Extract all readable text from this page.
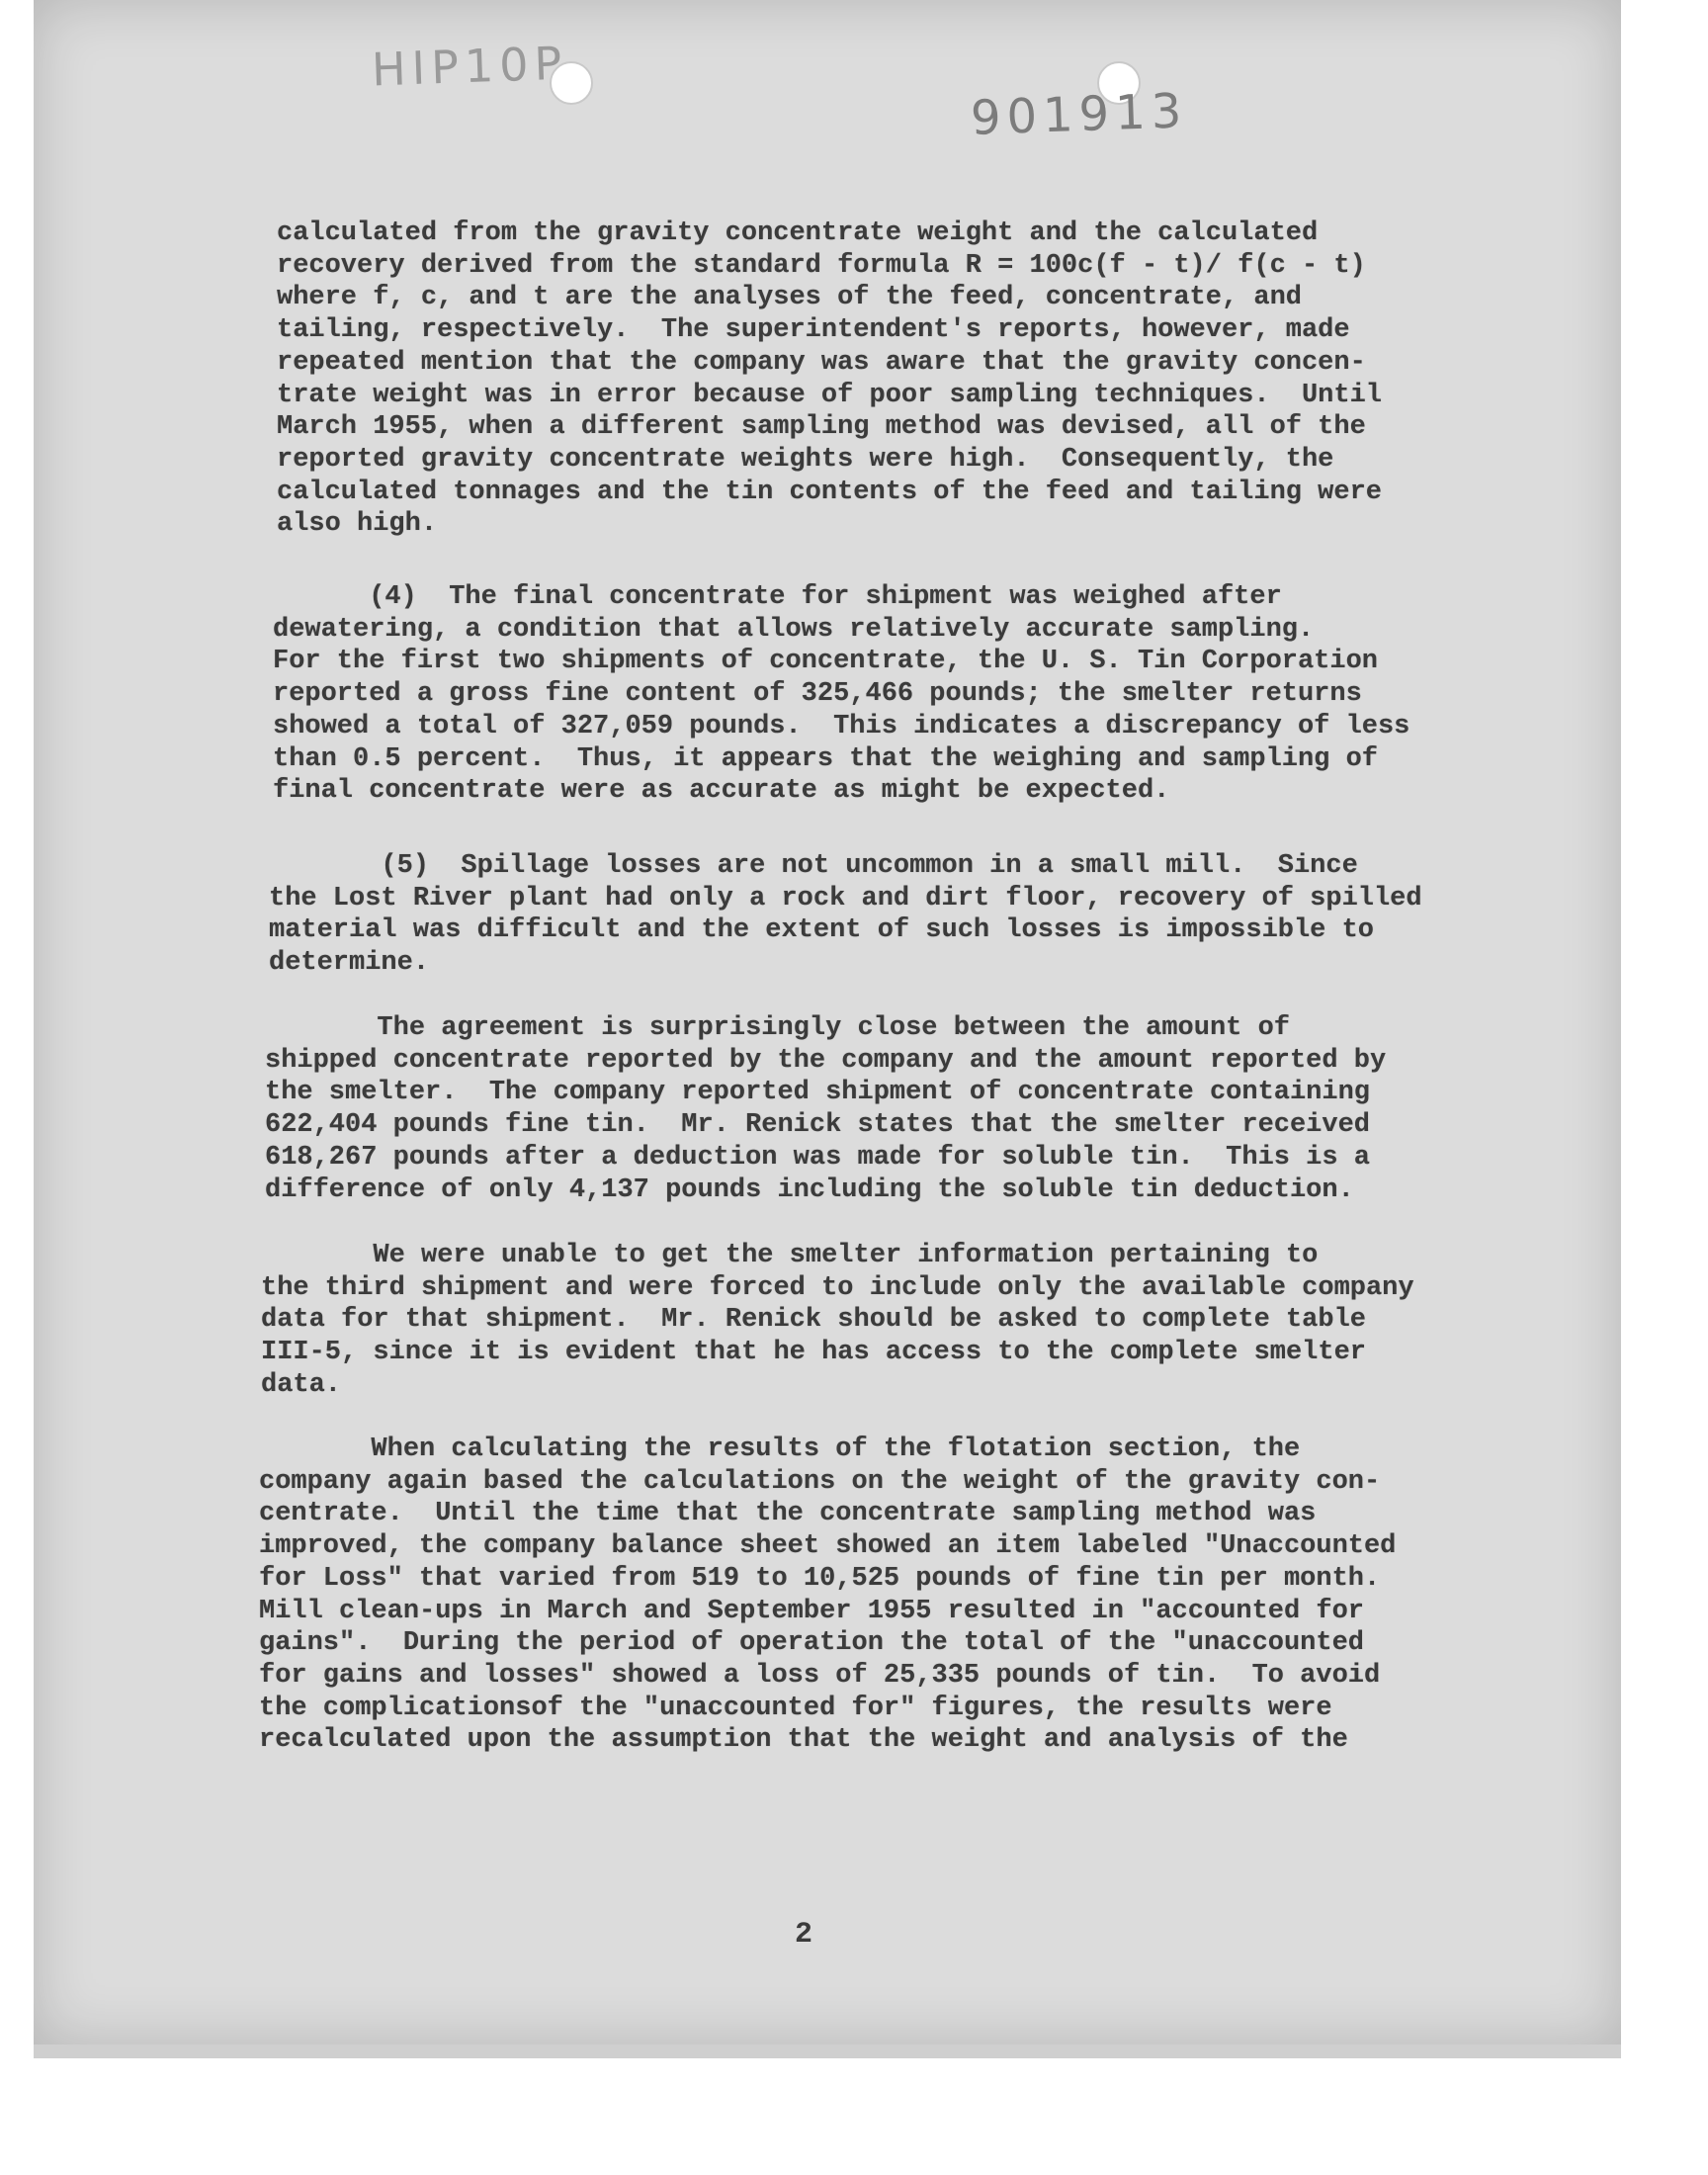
HIP10P
901913

calculated from the gravity concentrate weight and the calculated
recovery derived from the standard formula R = 100c(f - t)/ f(c - t)
where f, c, and t are the analyses of the feed, concentrate, and
tailing, respectively.  The superintendent's reports, however, made
repeated mention that the company was aware that the gravity concen-
trate weight was in error because of poor sampling techniques.  Until
March 1955, when a different sampling method was devised, all of the
reported gravity concentrate weights were high.  Consequently, the
calculated tonnages and the tin contents of the feed and tailing were
also high.

(4)  The final concentrate for shipment was weighed after
dewatering, a condition that allows relatively accurate sampling.
For the first two shipments of concentrate, the U. S. Tin Corporation
reported a gross fine content of 325,466 pounds; the smelter returns
showed a total of 327,059 pounds.  This indicates a discrepancy of less
than 0.5 percent.  Thus, it appears that the weighing and sampling of
final concentrate were as accurate as might be expected.

(5)  Spillage losses are not uncommon in a small mill.  Since
the Lost River plant had only a rock and dirt floor, recovery of spilled
material was difficult and the extent of such losses is impossible to
determine.

The agreement is surprisingly close between the amount of
shipped concentrate reported by the company and the amount reported by
the smelter.  The company reported shipment of concentrate containing
622,404 pounds fine tin.  Mr. Renick states that the smelter received
618,267 pounds after a deduction was made for soluble tin.  This is a
difference of only 4,137 pounds including the soluble tin deduction.

We were unable to get the smelter information pertaining to
the third shipment and were forced to include only the available company
data for that shipment.  Mr. Renick should be asked to complete table
III-5, since it is evident that he has access to the complete smelter
data.

When calculating the results of the flotation section, the
company again based the calculations on the weight of the gravity con-
centrate.  Until the time that the concentrate sampling method was
improved, the company balance sheet showed an item labeled "Unaccounted
for Loss" that varied from 519 to 10,525 pounds of fine tin per month.
Mill clean-ups in March and September 1955 resulted in "accounted for
gains".  During the period of operation the total of the "unaccounted
for gains and losses" showed a loss of 25,335 pounds of tin.  To avoid
the complicationsof the "unaccounted for" figures, the results were
recalculated upon the assumption that the weight and analysis of the

2
